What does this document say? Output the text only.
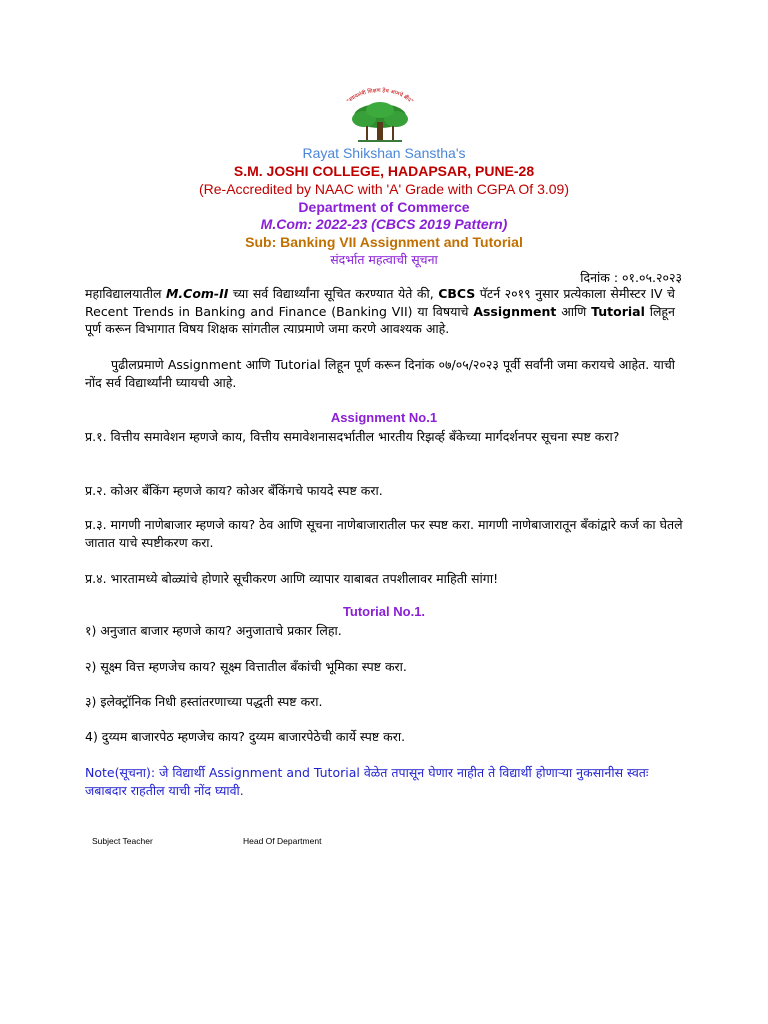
"स्वावलंबी शिक्षण हेच आमचे ब्रीद"
Rayat Shikshan Sanstha's
S.M. JOSHI COLLEGE, HADAPSAR, PUNE-28
(Re-Accredited by NAAC with 'A' Grade with CGPA Of 3.09)
Department of Commerce
M.Com: 2022-23 (CBCS 2019 Pattern)
Sub: Banking VII Assignment and Tutorial
संदर्भात महत्वाची सूचना
दिनांक : ०१.०५.२०२३
महाविद्यालयातील M.Com-II च्या सर्व विद्यार्थ्यांना सूचित करण्यात येते की, CBCS पॅटर्न २०१९ नुसार प्रत्येकाला सेमीस्टर IV चे Recent Trends in Banking and Finance (Banking VII) या विषयाचे Assignment आणि Tutorial लिहून पूर्ण करून विभागात विषय शिक्षक सांगतील त्याप्रमाणे जमा करणे आवश्यक आहे.
पुढीलप्रमाणे Assignment आणि Tutorial लिहून पूर्ण करून दिनांक ०७/०५/२०२३ पूर्वी सर्वांनी जमा करायचे आहेत. याची नोंद सर्व विद्यार्थ्यांनी घ्यायची आहे.
Assignment No.1
प्र.१. वित्तीय समावेशन म्हणजे काय, वित्तीय समावेशनासदर्भातील भारतीय रिझर्व्ह बँकेच्या मार्गदर्शनपर सूचना स्पष्ट करा?
प्र.२. कोअर बँकिंग म्हणजे काय? कोअर बँकिंगचे फायदे स्पष्ट करा.
प्र.३. मागणी नाणेबाजार म्हणजे काय? ठेव आणि सूचना नाणेबाजारातील फर स्पष्ट करा. मागणी नाणेबाजारातून बँकांद्वारे कर्ज का घेतले जातात याचे स्पष्टीकरण करा.
प्र.४. भारतामध्ये बोळ्यांचे होणारे सूचीकरण आणि व्यापार याबाबत तपशीलावर माहिती सांगा!
Tutorial No.1.
१) अनुजात बाजार म्हणजे काय? अनुजाताचे प्रकार लिहा.
२) सूक्ष्म वित्त म्हणजेच काय? सूक्ष्म वित्तातील बँकांची भूमिका स्पष्ट करा.
३) इलेक्ट्रॉनिक निधी हस्तांतरणाच्या पद्धती स्पष्ट करा.
4) दुय्यम बाजारपेठ म्हणजेच काय? दुय्यम बाजारपेठेची कार्ये स्पष्ट करा.
Note(सूचना): जे विद्यार्थी Assignment and Tutorial वेळेत तपासून घेणार नाहीत ते विद्यार्थी होणाऱ्या नुकसानीस स्वतः जबाबदार राहतील याची नोंद घ्यावी.
Subject Teacher	Head Of Department
